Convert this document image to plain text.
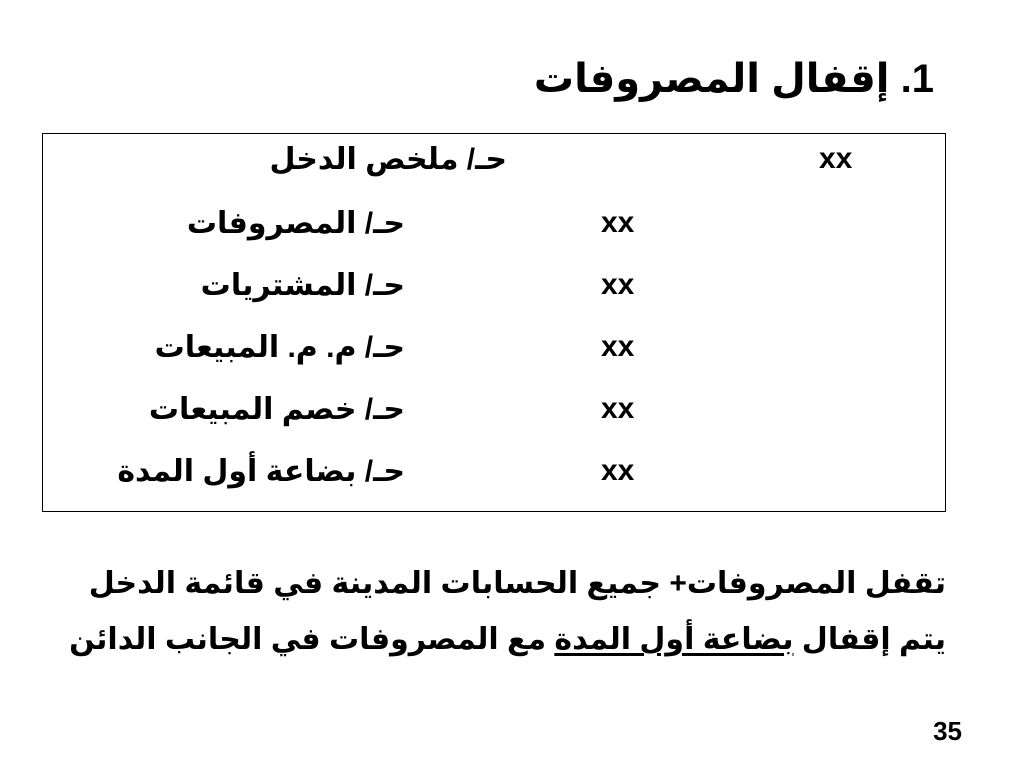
1. إقفال المصروفات
حـ/ ملخص الدخل	xx
حـ/ المصروفات	xx
حـ/ المشتريات	xx
حـ/ م. م. المبيعات	xx
حـ/ خصم المبيعات	xx
حـ/ بضاعة أول المدة	xx
تقفل المصروفات+ جميع الحسابات المدينة في قائمة الدخل
يتم إقفال بضاعة أول المدة مع المصروفات في الجانب الدائن
35
